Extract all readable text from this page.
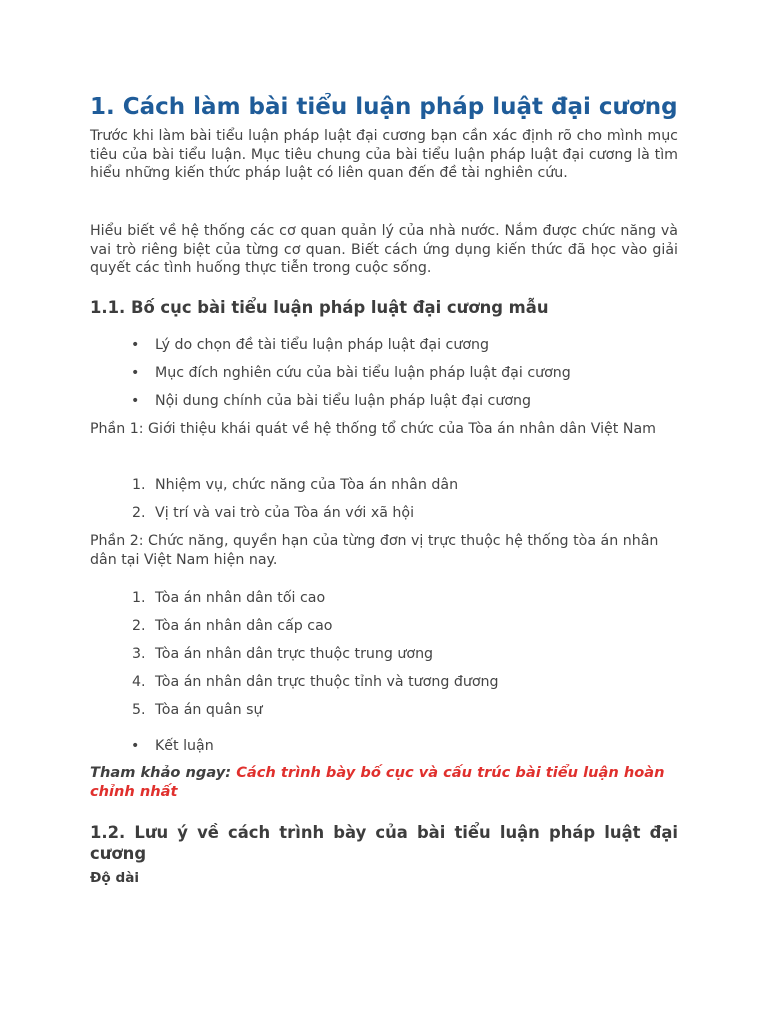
1. Cách làm bài tiểu luận pháp luật đại cương

Trước khi làm bài tiểu luận pháp luật đại cương bạn cần xác định rõ cho mình mục tiêu của bài tiểu luận. Mục tiêu chung của bài tiểu luận pháp luật đại cương là tìm hiểu những kiến thức pháp luật có liên quan đến đề tài nghiên cứu.

Hiểu biết về hệ thống các cơ quan quản lý của nhà nước. Nắm được chức năng và vai trò riêng biệt của từng cơ quan. Biết cách ứng dụng kiến thức đã học vào giải quyết các tình huống thực tiễn trong cuộc sống.

1.1. Bố cục bài tiểu luận pháp luật đại cương mẫu
• Lý do chọn đề tài tiểu luận pháp luật đại cương
• Mục đích nghiên cứu của bài tiểu luận pháp luật đại cương
• Nội dung chính của bài tiểu luận pháp luật đại cương

Phần 1: Giới thiệu khái quát về hệ thống tổ chức của Tòa án nhân dân Việt Nam

1. Nhiệm vụ, chức năng của Tòa án nhân dân
2. Vị trí và vai trò của Tòa án với xã hội

Phần 2: Chức năng, quyền hạn của từng đơn vị trực thuộc hệ thống tòa án nhân dân tại Việt Nam hiện nay.

1. Tòa án nhân dân tối cao
2. Tòa án nhân dân cấp cao
3. Tòa án nhân dân trực thuộc trung ương
4. Tòa án nhân dân trực thuộc tỉnh và tương đương
5. Tòa án quân sự
• Kết luận

Tham khảo ngay: Cách trình bày bố cục và cấu trúc bài tiểu luận hoàn chỉnh nhất

1.2. Lưu ý về cách trình bày của bài tiểu luận pháp luật đại cương
Độ dài
